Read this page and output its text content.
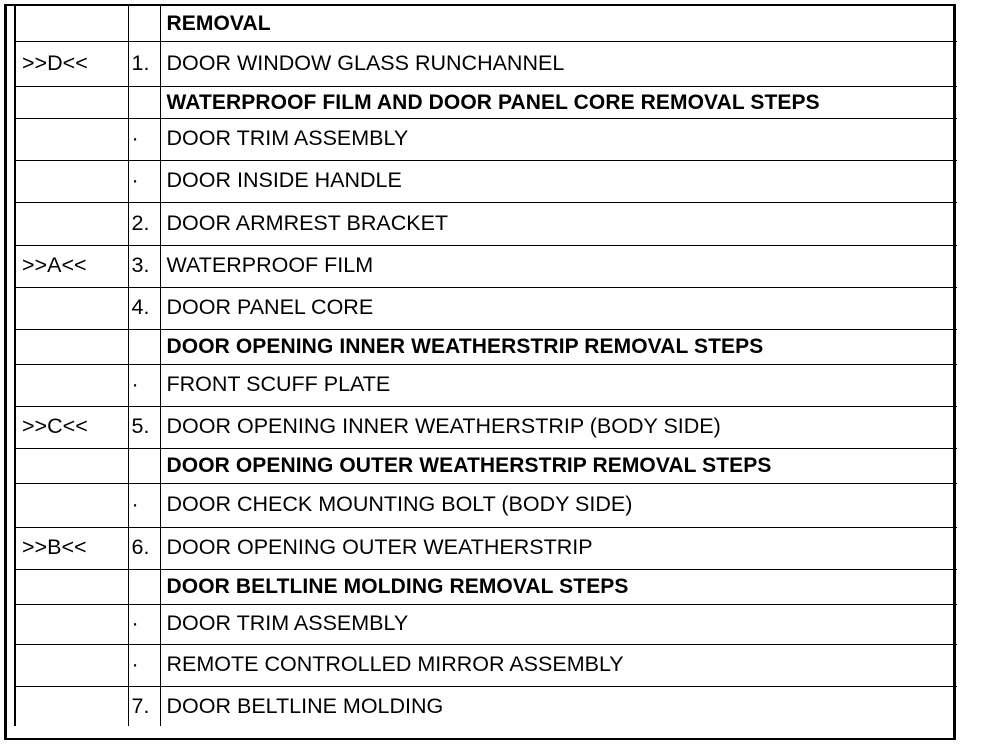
		REMOVAL
>>D<<	1.	DOOR WINDOW GLASS RUNCHANNEL
		WATERPROOF FILM AND DOOR PANEL CORE REMOVAL STEPS
	·	DOOR TRIM ASSEMBLY
	·	DOOR INSIDE HANDLE
	2.	DOOR ARMREST BRACKET
>>A<<	3.	WATERPROOF FILM
	4.	DOOR PANEL CORE
		DOOR OPENING INNER WEATHERSTRIP REMOVAL STEPS
	·	FRONT SCUFF PLATE
>>C<<	5.	DOOR OPENING INNER WEATHERSTRIP (BODY SIDE)
		DOOR OPENING OUTER WEATHERSTRIP REMOVAL STEPS
	·	DOOR CHECK MOUNTING BOLT (BODY SIDE)
>>B<<	6.	DOOR OPENING OUTER WEATHERSTRIP
		DOOR BELTLINE MOLDING REMOVAL STEPS
	·	DOOR TRIM ASSEMBLY
	·	REMOTE CONTROLLED MIRROR ASSEMBLY
	7.	DOOR BELTLINE MOLDING
